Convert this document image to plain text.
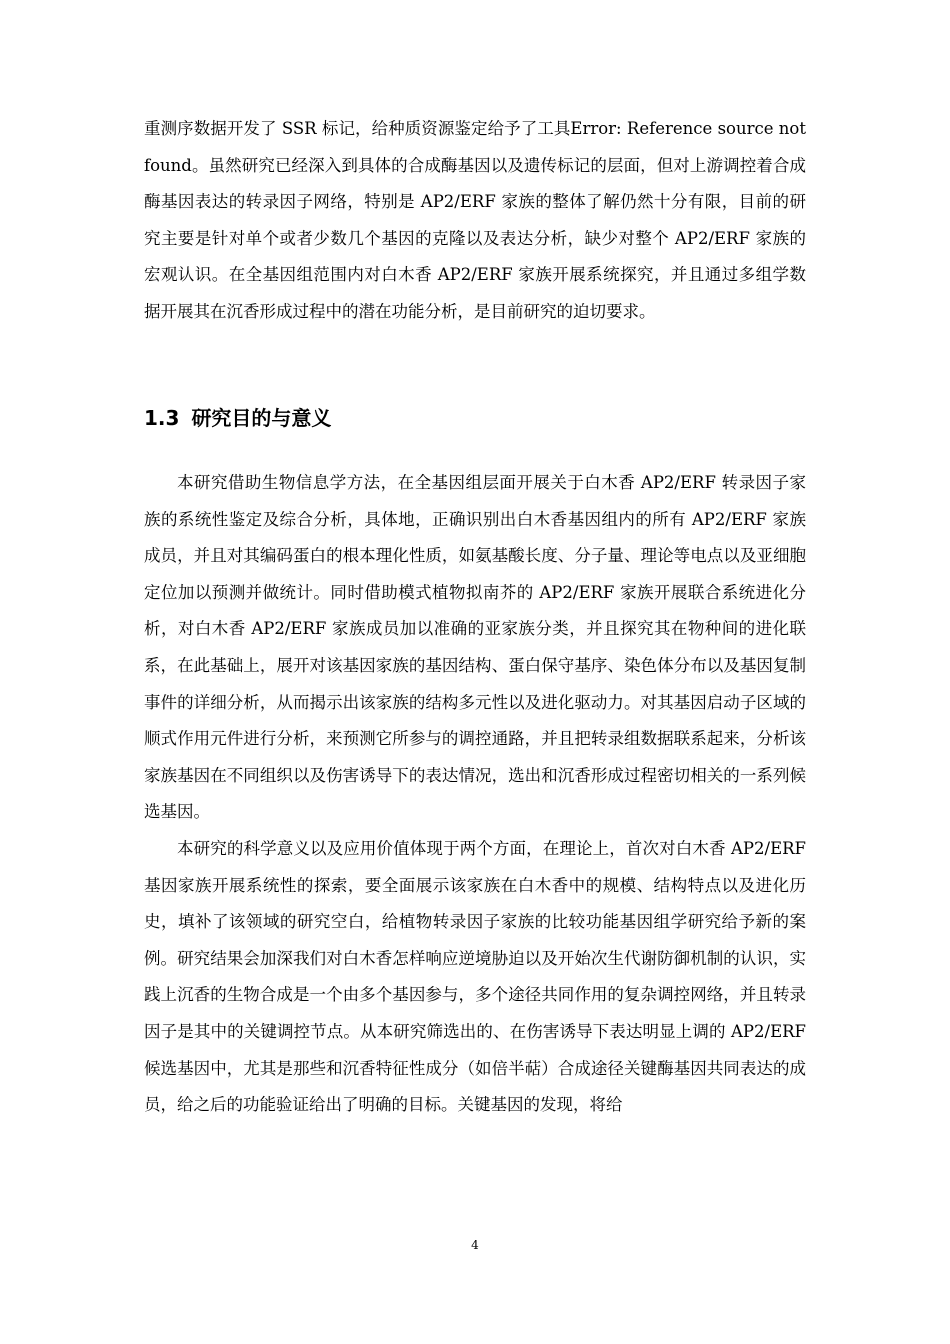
重测序数据开发了 SSR 标记，给种质资源鉴定给予了工具Error: Reference source not found。虽然研究已经深入到具体的合成酶基因以及遗传标记的层面，但对上游调控着合成酶基因表达的转录因子网络，特别是 AP2/ERF 家族的整体了解仍然十分有限，目前的研究主要是针对单个或者少数几个基因的克隆以及表达分析，缺少对整个 AP2/ERF 家族的宏观认识。在全基因组范围内对白木香 AP2/ERF 家族开展系统探究，并且通过多组学数据开展其在沉香形成过程中的潜在功能分析，是目前研究的迫切要求。

1.3 研究目的与意义

本研究借助生物信息学方法，在全基因组层面开展关于白木香 AP2/ERF 转录因子家族的系统性鉴定及综合分析，具体地，正确识别出白木香基因组内的所有 AP2/ERF 家族成员，并且对其编码蛋白的根本理化性质，如氨基酸长度、分子量、理论等电点以及亚细胞定位加以预测并做统计。同时借助模式植物拟南芥的 AP2/ERF 家族开展联合系统进化分析，对白木香 AP2/ERF 家族成员加以准确的亚家族分类，并且探究其在物种间的进化联系，在此基础上，展开对该基因家族的基因结构、蛋白保守基序、染色体分布以及基因复制事件的详细分析，从而揭示出该家族的结构多元性以及进化驱动力。对其基因启动子区域的顺式作用元件进行分析，来预测它所参与的调控通路，并且把转录组数据联系起来，分析该家族基因在不同组织以及伤害诱导下的表达情况，选出和沉香形成过程密切相关的一系列候选基因。

本研究的科学意义以及应用价值体现于两个方面，在理论上，首次对白木香 AP2/ERF 基因家族开展系统性的探索，要全面展示该家族在白木香中的规模、结构特点以及进化历史，填补了该领域的研究空白，给植物转录因子家族的比较功能基因组学研究给予新的案例。研究结果会加深我们对白木香怎样响应逆境胁迫以及开始次生代谢防御机制的认识，实践上沉香的生物合成是一个由多个基因参与，多个途径共同作用的复杂调控网络，并且转录因子是其中的关键调控节点。从本研究筛选出的、在伤害诱导下表达明显上调的 AP2/ERF 候选基因中，尤其是那些和沉香特征性成分（如倍半萜）合成途径关键酶基因共同表达的成员，给之后的功能验证给出了明确的目标。关键基因的发现，将给

4
